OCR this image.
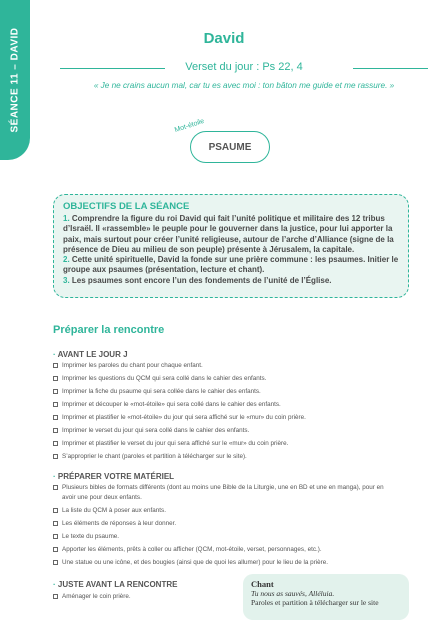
SÉANCE 11 – DAVID	David
Verset du jour : Ps 22, 4
« Je ne crains aucun mal, car tu es avec moi : ton bâton me guide et me rassure. »
Mot-étoile
PSAUME
OBJECTIFS DE LA SÉANCE

1. Comprendre la figure du roi David qui fait l’unité politique et militaire des 12 tribus d’Israël. Il «rassemble» le peuple pour le gouverner dans la justice, pour lui apporter la paix, mais surtout pour créer l’unité religieuse, autour de l’arche d’Alliance (signe de la présence de Dieu au milieu de son peuple) présente à Jérusalem, la capitale.

2. Cette unité spirituelle, David la fonde sur une prière commune : les psaumes. Initier le groupe aux psaumes (présentation, lecture et chant).

3. Les psaumes sont encore l’un des fondements de l’unité de l’Église.

Préparer la rencontre
· AVANT LE JOUR J
Imprimer les paroles du chant pour chaque enfant.
Imprimer les questions du QCM qui sera collé dans le cahier des enfants.
Imprimer la fiche du psaume qui sera collée dans le cahier des enfants.
Imprimer et découper le «mot-étoile» qui sera collé dans le cahier des enfants.
Imprimer et plastifier le «mot-étoile» du jour qui sera affiché sur le «mur» du coin prière.
Imprimer le verset du jour qui sera collé dans le cahier des enfants.
Imprimer et plastifier le verset du jour qui sera affiché sur le «mur» du coin prière.
S’approprier le chant (paroles et partition à télécharger sur le site).
· PRÉPARER VOTRE MATÉRIEL
Plusieurs bibles de formats différents (dont au moins une Bible de la Liturgie, une en BD et une en manga), pour en avoir une pour deux enfants.
La liste du QCM à poser aux enfants.
Les éléments de réponses à leur donner.
Le texte du psaume.
Apporter les éléments, prêts à coller ou afficher (QCM, mot-étoile, verset, personnages, etc.).
Une statue ou une icône, et des bougies (ainsi que de quoi les allumer) pour le lieu de la prière.
· JUSTE AVANT LA RENCONTRE
Aménager le coin prière.
Chant
Tu nous as sauvés, Alléluia.
Paroles et partition à télécharger sur le site
